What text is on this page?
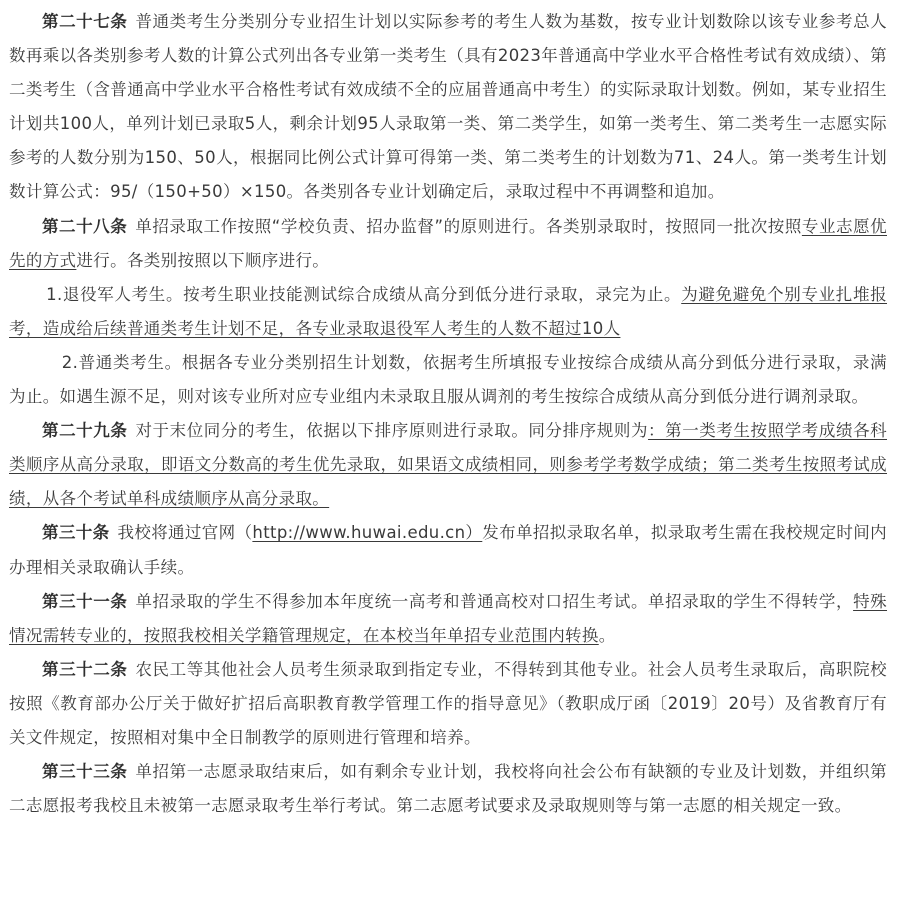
第二十七条 普通类考生分类别分专业招生计划以实际参考的考生人数为基数，按专业计划数除以该专业参考总人数再乘以各类别参考人数的计算公式列出各专业第一类考生（具有2023年普通高中学业水平合格性考试有效成绩）、第二类考生（含普通高中学业水平合格性考试有效成绩不全的应届普通高中考生）的实际录取计划数。例如，某专业招生计划共100人，单列计划已录取5人，剩余计划95人录取第一类、第二类学生，如第一类考生、第二类考生一志愿实际参考的人数分别为150、50人，根据同比例公式计算可得第一类、第二类考生的计划数为71、24人。第一类考生计划数计算公式：95/（150+50）×150。各类别各专业计划确定后，录取过程中不再调整和追加。

第二十八条 单招录取工作按照“学校负责、招办监督”的原则进行。各类别录取时，按照同一批次按照专业志愿优先的方式进行。各类别按照以下顺序进行。

1.退役军人考生。按考生职业技能测试综合成绩从高分到低分进行录取，录完为止。为避免避免个别专业扎堆报考，造成给后续普通类考生计划不足，各专业录取退役军人考生的人数不超过10人

2.普通类考生。根据各专业分类别招生计划数，依据考生所填报专业按综合成绩从高分到低分进行录取，录满为止。如遇生源不足，则对该专业所对应专业组内未录取且服从调剂的考生按综合成绩从高分到低分进行调剂录取。

第二十九条 对于末位同分的考生，依据以下排序原则进行录取。同分排序规则为：第一类考生按照学考成绩各科类顺序从高分录取，即语文分数高的考生优先录取，如果语文成绩相同，则参考学考数学成绩；第二类考生按照考试成绩，从各个考试单科成绩顺序从高分录取。

第三十条 我校将通过官网（http://www.huwai.edu.cn）发布单招拟录取名单，拟录取考生需在我校规定时间内办理相关录取确认手续。

第三十一条 单招录取的学生不得参加本年度统一高考和普通高校对口招生考试。单招录取的学生不得转学，特殊情况需转专业的，按照我校相关学籍管理规定，在本校当年单招专业范围内转换。

第三十二条 农民工等其他社会人员考生须录取到指定专业，不得转到其他专业。社会人员考生录取后，高职院校按照《教育部办公厅关于做好扩招后高职教育教学管理工作的指导意见》（教职成厅函〔2019〕20号）及省教育厅有关文件规定，按照相对集中全日制教学的原则进行管理和培养。

第三十三条 单招第一志愿录取结束后，如有剩余专业计划，我校将向社会公布有缺额的专业及计划数，并组织第二志愿报考我校且未被第一志愿录取考生举行考试。第二志愿考试要求及录取规则等与第一志愿的相关规定一致。
